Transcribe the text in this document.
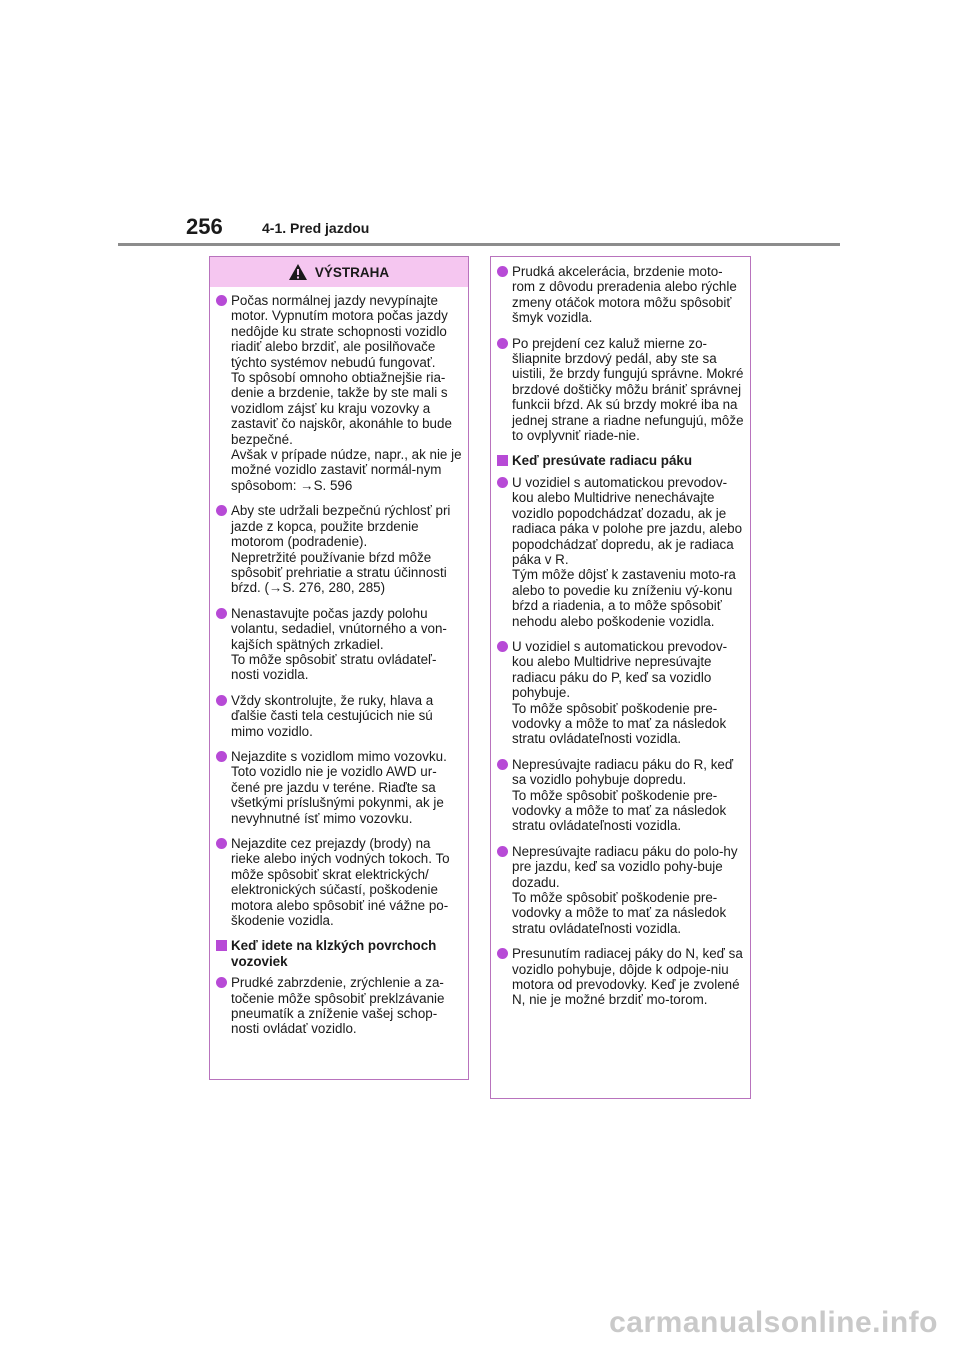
256	4-1. Pred jazdou
VÝSTRAHA
Počas normálnej jazdy nevypínajte motor. Vypnutím motora počas jazdy nedôjde ku strate schopnosti vozidlo riadiť alebo brzdiť, ale posilňovače týchto systémov nebudú fungovať.
To spôsobí omnoho obtiažnejšie ria-denie a brzdenie, takže by ste mali s vozidlom zájsť ku kraju vozovky a zastaviť čo najskôr, akonáhle to bude bezpečné.
Avšak v prípade núdze, napr., ak nie je možné vozidlo zastaviť normál-nym spôsobom: →S. 596
Aby ste udržali bezpečnú rýchlosť pri jazde z kopca, použite brzdenie motorom (podradenie).
Nepretržité používanie bŕzd môže spôsobiť prehriatie a stratu účinnosti bŕzd. (→S. 276, 280, 285)
Nenastavujte počas jazdy polohu volantu, sedadiel, vnútorného a von-kajších spätných zrkadiel.
To môže spôsobiť stratu ovládateľ-nosti vozidla.
Vždy skontrolujte, že ruky, hlava a ďalšie časti tela cestujúcich nie sú mimo vozidlo.
Nejazdite s vozidlom mimo vozovku. Toto vozidlo nie je vozidlo AWD ur-čené pre jazdu v teréne. Riaďte sa všetkými príslušnými pokynmi, ak je nevyhnutné ísť mimo vozovku.
Nejazdite cez prejazdy (brody) na rieke alebo iných vodných tokoch. To môže spôsobiť skrat elektrických/ elektronických súčastí, poškodenie motora alebo spôsobiť iné vážne po-škodenie vozidla.
Keď idete na klzkých povrchoch vozoviek
Prudké zabrzdenie, zrýchlenie a za-točenie môže spôsobiť preklzávanie pneumatík a zníženie vašej schop-nosti ovládať vozidlo.
Prudká akcelerácia, brzdenie moto-rom z dôvodu preradenia alebo rýchle zmeny otáčok motora môžu spôsobiť šmyk vozidla.
Po prejdení cez kaluž mierne zo-šliapnite brzdový pedál, aby ste sa uistili, že brzdy fungujú správne. Mokré brzdové doštičky môžu brániť správnej funkcii bŕzd. Ak sú brzdy mokré iba na jednej strane a riadne nefungujú, môže to ovplyvniť riade-nie.
Keď presúvate radiacu páku
U vozidiel s automatickou prevodov-kou alebo Multidrive nenechávajte vozidlo popodchádzať dozadu, ak je radiaca páka v polohe pre jazdu, alebo popodchádzať dopredu, ak je radiaca páka v R.
Tým môže dôjsť k zastaveniu moto-ra alebo to povedie ku zníženiu vý-konu bŕzd a riadenia, a to môže spôsobiť nehodu alebo poškodenie vozidla.
U vozidiel s automatickou prevodov-kou alebo Multidrive nepresúvajte radiacu páku do P, keď sa vozidlo pohybuje.
To môže spôsobiť poškodenie pre-vodovky a môže to mať za následok stratu ovládateľnosti vozidla.
Nepresúvajte radiacu páku do R, keď sa vozidlo pohybuje dopredu.
To môže spôsobiť poškodenie pre-vodovky a môže to mať za následok stratu ovládateľnosti vozidla.
Nepresúvajte radiacu páku do polo-hy pre jazdu, keď sa vozidlo pohy-buje dozadu.
To môže spôsobiť poškodenie pre-vodovky a môže to mať za následok stratu ovládateľnosti vozidla.
Presunutím radiacej páky do N, keď sa vozidlo pohybuje, dôjde k odpoje-niu motora od prevodovky. Keď je zvolené N, nie je možné brzdiť mo-torom.
carmanualsonline.info
